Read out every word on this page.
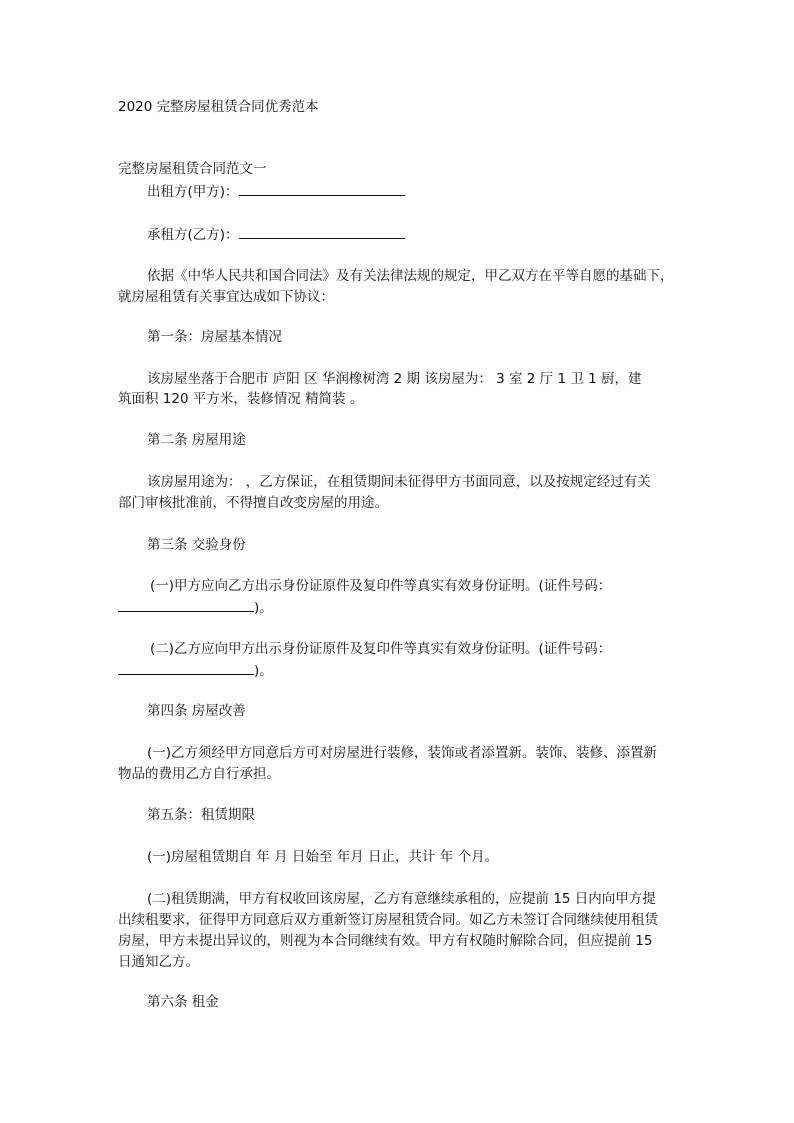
2020 完整房屋租赁合同优秀范本
完整房屋租赁合同范文一
出租方(甲方)：
承租方(乙方)：
依据《中华人民共和国合同法》及有关法律法规的规定，甲乙双方在平等自愿的基础下，
就房屋租赁有关事宜达成如下协议：
第一条：房屋基本情况
该房屋坐落于合肥市 庐阳 区 华润橡树湾 2 期 该房屋为： 3 室 2 厅 1 卫 1 厨，建
筑面积 120 平方米，装修情况 精简装 。
第二条 房屋用途
该房屋用途为： ，乙方保证，在租赁期间未征得甲方书面同意，以及按规定经过有关
部门审核批准前，不得擅自改变房屋的用途。
第三条 交验身份
(一)甲方应向乙方出示身份证原件及复印件等真实有效身份证明。(证件号码：
)。
(二)乙方应向甲方出示身份证原件及复印件等真实有效身份证明。(证件号码：
)。
第四条 房屋改善
(一)乙方须经甲方同意后方可对房屋进行装修，装饰或者添置新。装饰、装修、添置新
物品的费用乙方自行承担。
第五条：租赁期限
(一)房屋租赁期自 年 月 日始至 年月 日止，共计 年 个月。
(二)租赁期满，甲方有权收回该房屋，乙方有意继续承租的，应提前 15 日内向甲方提
出续租要求，征得甲方同意后双方重新签订房屋租赁合同。如乙方未签订合同继续使用租赁
房屋，甲方未提出异议的，则视为本合同继续有效。甲方有权随时解除合同，但应提前 15
日通知乙方。
第六条 租金
